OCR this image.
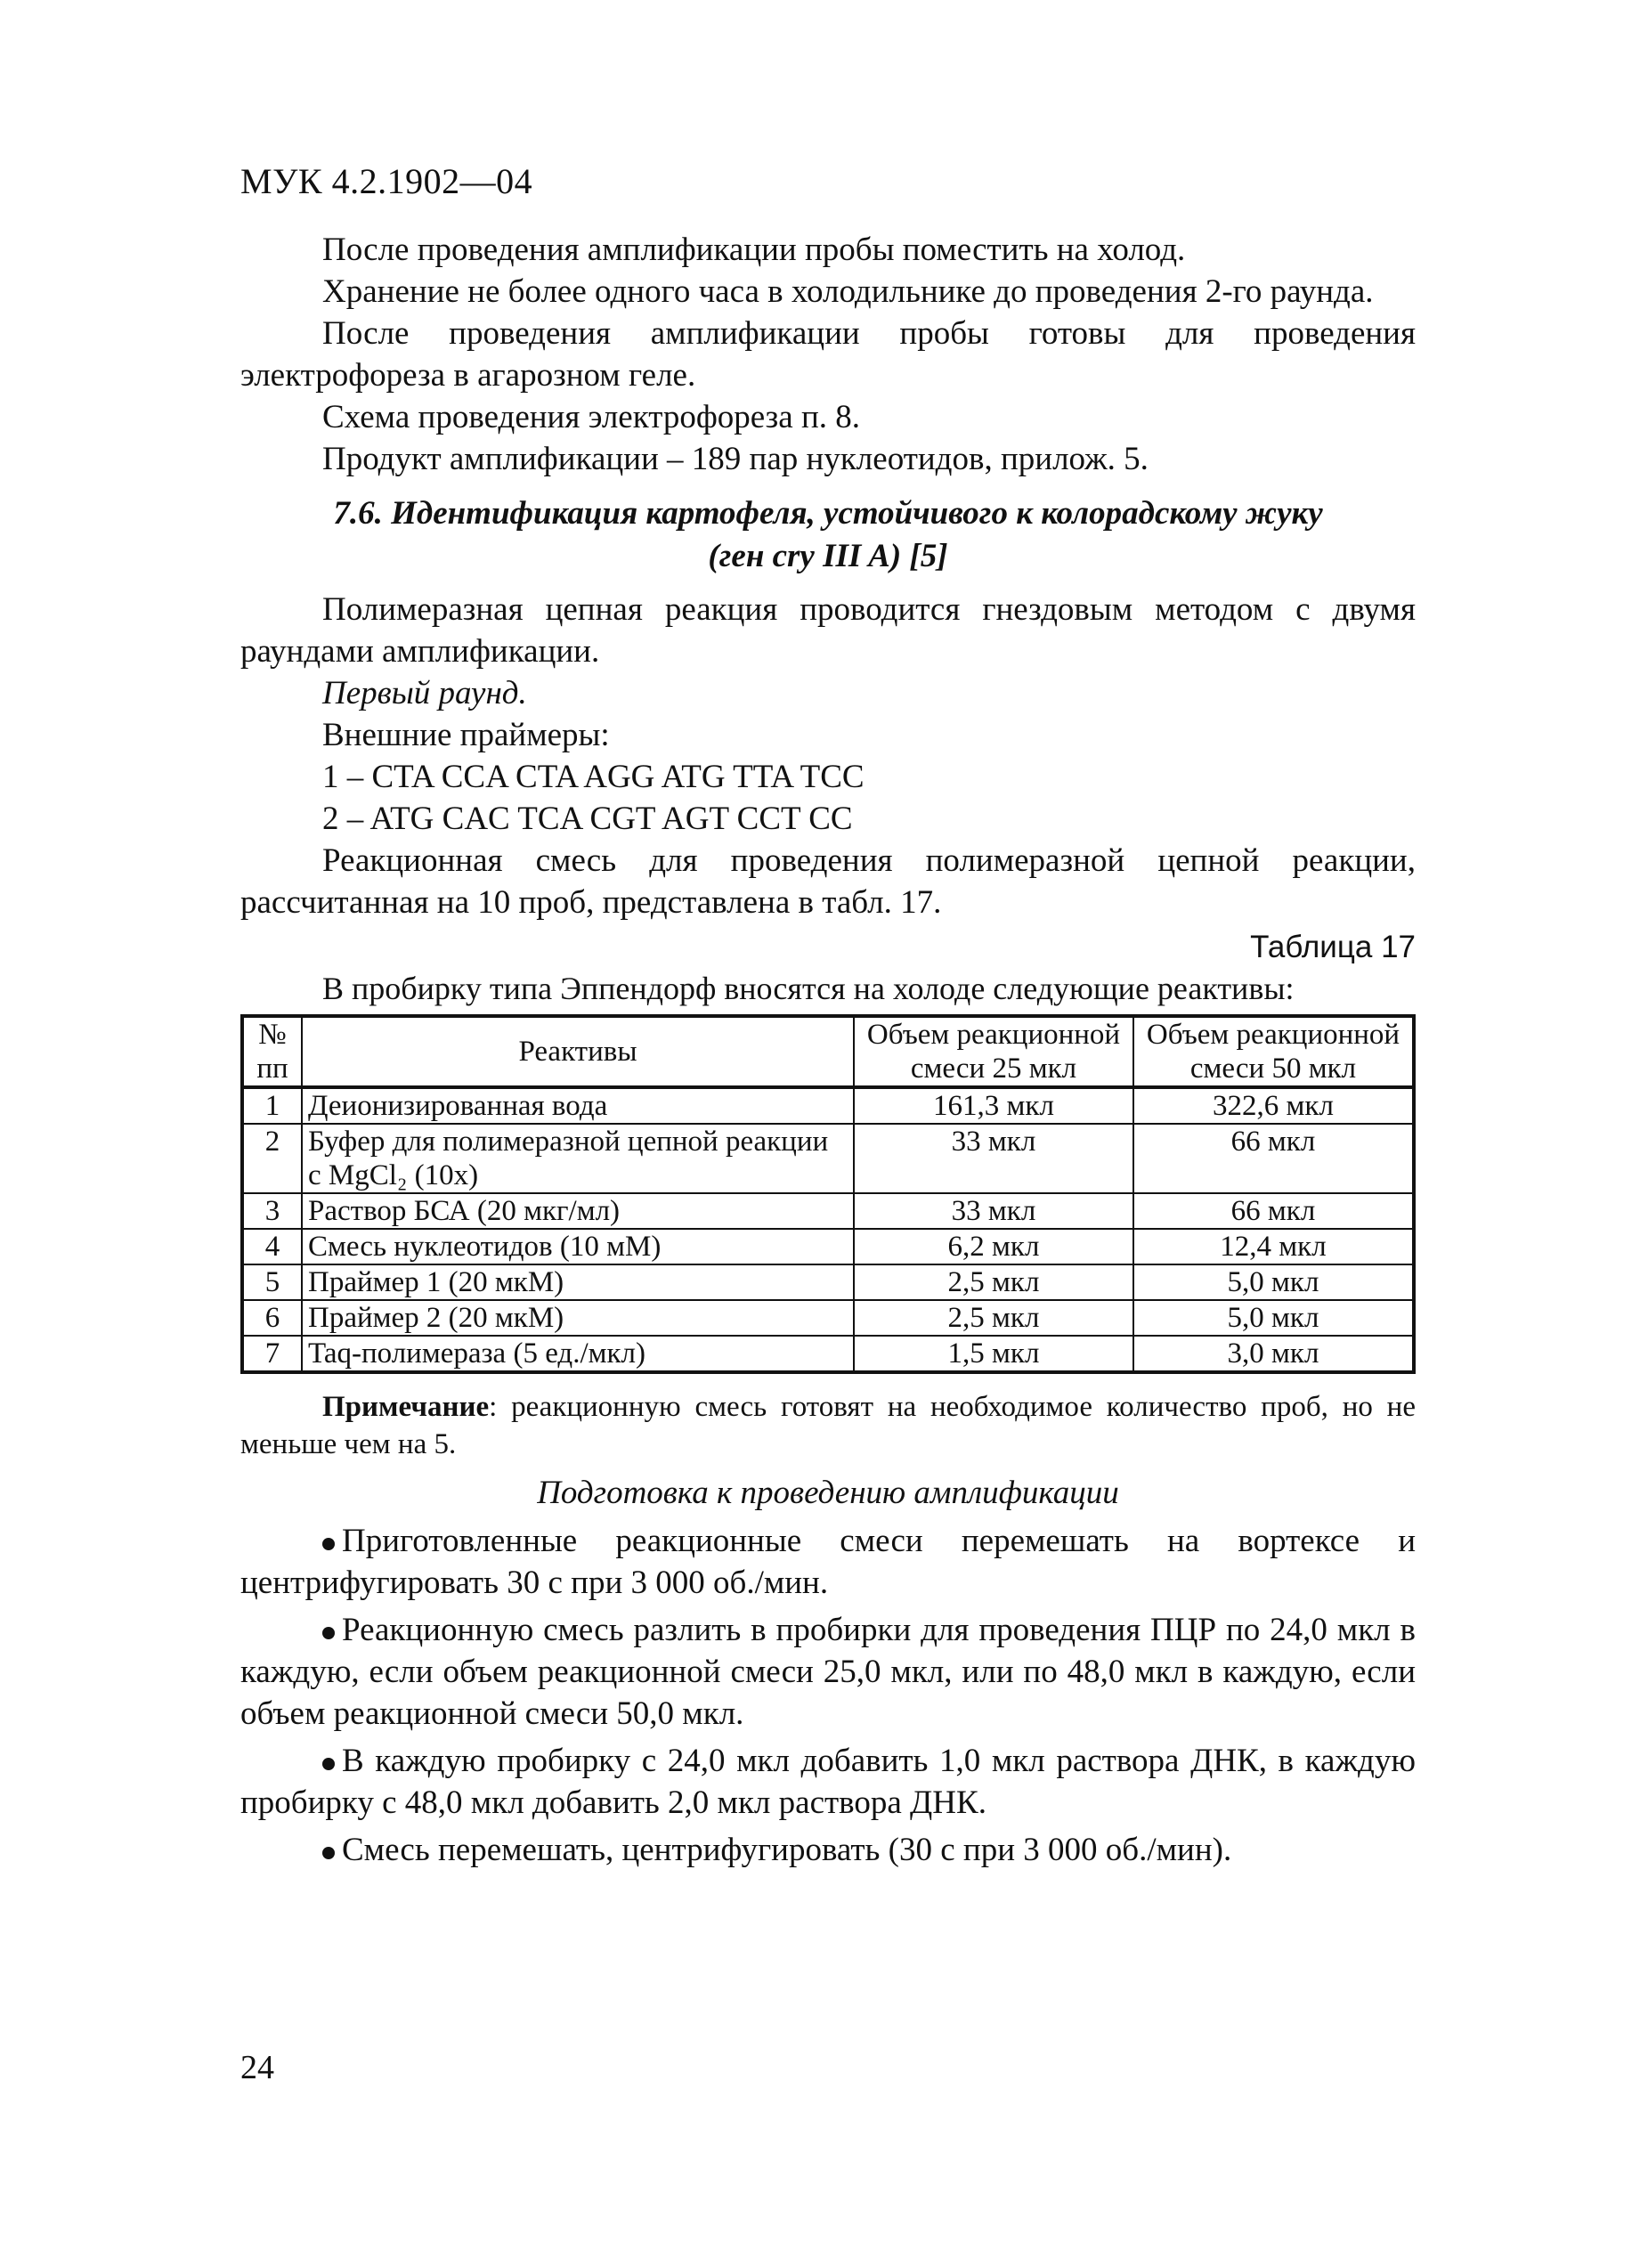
МУК 4.2.1902—04

После проведения амплификации пробы поместить на холод.

Хранение не более одного часа в холодильнике до проведения 2-го раунда.

После проведения амплификации пробы готовы для проведения электрофореза в агарозном геле.

Схема проведения электрофореза п. 8.

Продукт амплификации – 189 пар нуклеотидов, прилож. 5.

7.6. Идентификация картофеля, устойчивого к колорадскому жуку
(ген cry III A) [5]

Полимеразная цепная реакция проводится гнездовым методом с двумя раундами амплификации.

Первый раунд.

Внешние праймеры:

1 – CTA CCA CTA AGG ATG TTA TCC

2 – ATG CAC TCA CGT AGT CCT CC

Реакционная смесь для проведения полимеразной цепной реакции, рассчитанная на 10 проб, представлена в табл. 17.

Таблица 17

В пробирку типа Эппендорф вносятся на холоде следующие реактивы:

№ пп	Реактивы	Объем реакционной смеси 25 мкл	Объем реакционной смеси 50 мкл
1	Деионизированная вода	161,3 мкл	322,6 мкл
2	Буфер для полимеразной цепной реакции с MgCl₂ (10х)	33 мкл	66 мкл
3	Раствор БСА (20 мкг/мл)	33 мкл	66 мкл
4	Смесь нуклеотидов (10 мМ)	6,2 мкл	12,4 мкл
5	Праймер 1 (20 мкМ)	2,5 мкл	5,0 мкл
6	Праймер 2 (20 мкМ)	2,5 мкл	5,0 мкл
7	Taq-полимераза (5 ед./мкл)	1,5 мкл	3,0 мкл
Примечание: реакционную смесь готовят на необходимое количество проб, но не меньше чем на 5.
Подготовка к проведению амплификации

Приготовленные реакционные смеси перемешать на вортексе и центрифугировать 30 с при 3 000 об./мин.

Реакционную смесь разлить в пробирки для проведения ПЦР по 24,0 мкл в каждую, если объем реакционной смеси 25,0 мкл, или по 48,0 мкл в каждую, если объем реакционной смеси 50,0 мкл.

В каждую пробирку с 24,0 мкл добавить 1,0 мкл раствора ДНК, в каждую пробирку с 48,0 мкл добавить 2,0 мкл раствора ДНК.

Смесь перемешать, центрифугировать (30 с при 3 000 об./мин).

24
